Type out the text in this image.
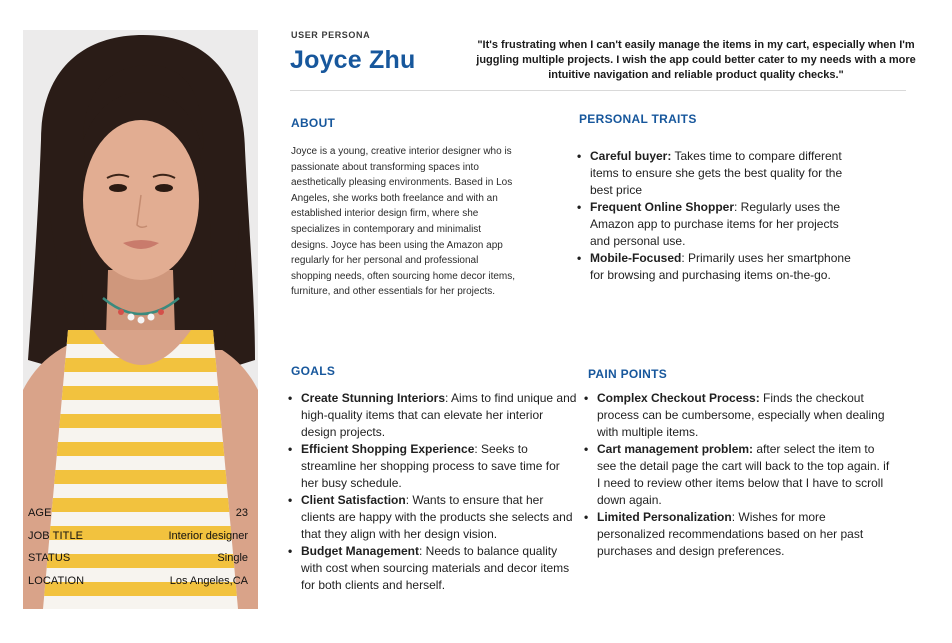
AGE	23
JOB TITLE	Interior designer
STATUS	Single
LOCATION	Los Angeles,CA
USER PERSONA
Joyce Zhu
"It's frustrating when I can't easily manage the items in my cart, especially when I'm juggling multiple projects. I wish the app could better cater to my needs with a more intuitive navigation and reliable product quality checks."
ABOUT

Joyce is a young, creative interior designer who is passionate about transforming spaces into aesthetically pleasing environments. Based in Los Angeles, she works both freelance and with an established interior design firm, where she specializes in contemporary and minimalist designs. Joyce has been using the Amazon app regularly for her personal and professional shopping needs, often sourcing home decor items, furniture, and other essentials for her projects.

PERSONAL TRAITS
• Careful buyer: Takes time to compare different items to ensure she gets the best quality for the best price
• Frequent Online Shopper: Regularly uses the Amazon app to purchase items for her projects and personal use.
• Mobile-Focused: Primarily uses her smartphone for browsing and purchasing items on-the-go.
GOALS
• Create Stunning Interiors: Aims to find unique and high-quality items that can elevate her interior design projects.
• Efficient Shopping Experience: Seeks to streamline her shopping process to save time for her busy schedule.
• Client Satisfaction: Wants to ensure that her clients are happy with the products she selects and that they align with her design vision.
• Budget Management: Needs to balance quality with cost when sourcing materials and decor items for both clients and herself.
PAIN POINTS
• Complex Checkout Process: Finds the checkout process can be cumbersome, especially when dealing with multiple items.
• Cart management problem: after select the item to see the detail page the cart will back to the top again. if I need to review other items below that I have to scroll down again.
• Limited Personalization: Wishes for more personalized recommendations based on her past purchases and design preferences.
